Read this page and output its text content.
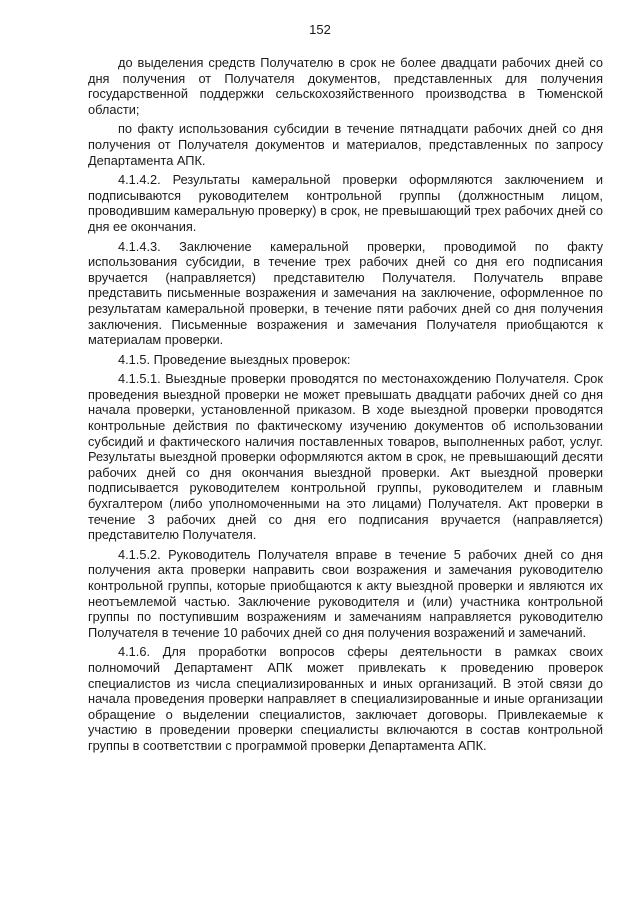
152

до выделения средств Получателю в срок не более двадцати рабочих дней со дня получения от Получателя документов, представленных для получения государственной поддержки сельскохозяйственного производства в Тюменской области;

по факту использования субсидии в течение пятнадцати рабочих дней со дня получения от Получателя документов и материалов, представленных по запросу Департамента АПК.

4.1.4.2. Результаты камеральной проверки оформляются заключением и подписываются руководителем контрольной группы (должностным лицом, проводившим камеральную проверку) в срок, не превышающий трех рабочих дней со дня ее окончания.

4.1.4.3. Заключение камеральной проверки, проводимой по факту использования субсидии, в течение трех рабочих дней со дня его подписания вручается (направляется) представителю Получателя. Получатель вправе представить письменные возражения и замечания на заключение, оформленное по результатам камеральной проверки, в течение пяти рабочих дней со дня получения заключения. Письменные возражения и замечания Получателя приобщаются к материалам проверки.

4.1.5. Проведение выездных проверок:

4.1.5.1. Выездные проверки проводятся по местонахождению Получателя. Срок проведения выездной проверки не может превышать двадцати рабочих дней со дня начала проверки, установленной приказом. В ходе выездной проверки проводятся контрольные действия по фактическому изучению документов об использовании субсидий и фактического наличия поставленных товаров, выполненных работ, услуг. Результаты выездной проверки оформляются актом в срок, не превышающий десяти рабочих дней со дня окончания выездной проверки. Акт выездной проверки подписывается руководителем контрольной группы, руководителем и главным бухгалтером (либо уполномоченными на это лицами) Получателя. Акт проверки в течение 3 рабочих дней со дня его подписания вручается (направляется) представителю Получателя.

4.1.5.2. Руководитель Получателя вправе в течение 5 рабочих дней со дня получения акта проверки направить свои возражения и замечания руководителю контрольной группы, которые приобщаются к акту выездной проверки и являются их неотъемлемой частью. Заключение руководителя и (или) участника контрольной группы по поступившим возражениям и замечаниям направляется руководителю Получателя в течение 10 рабочих дней со дня получения возражений и замечаний.

4.1.6. Для проработки вопросов сферы деятельности в рамках своих полномочий Департамент АПК может привлекать к проведению проверок специалистов из числа специализированных и иных организаций. В этой связи до начала проведения проверки направляет в специализированные и иные организации обращение о выделении специалистов, заключает договоры. Привлекаемые к участию в проведении проверки специалисты включаются в состав контрольной группы в соответствии с программой проверки Департамента АПК.
